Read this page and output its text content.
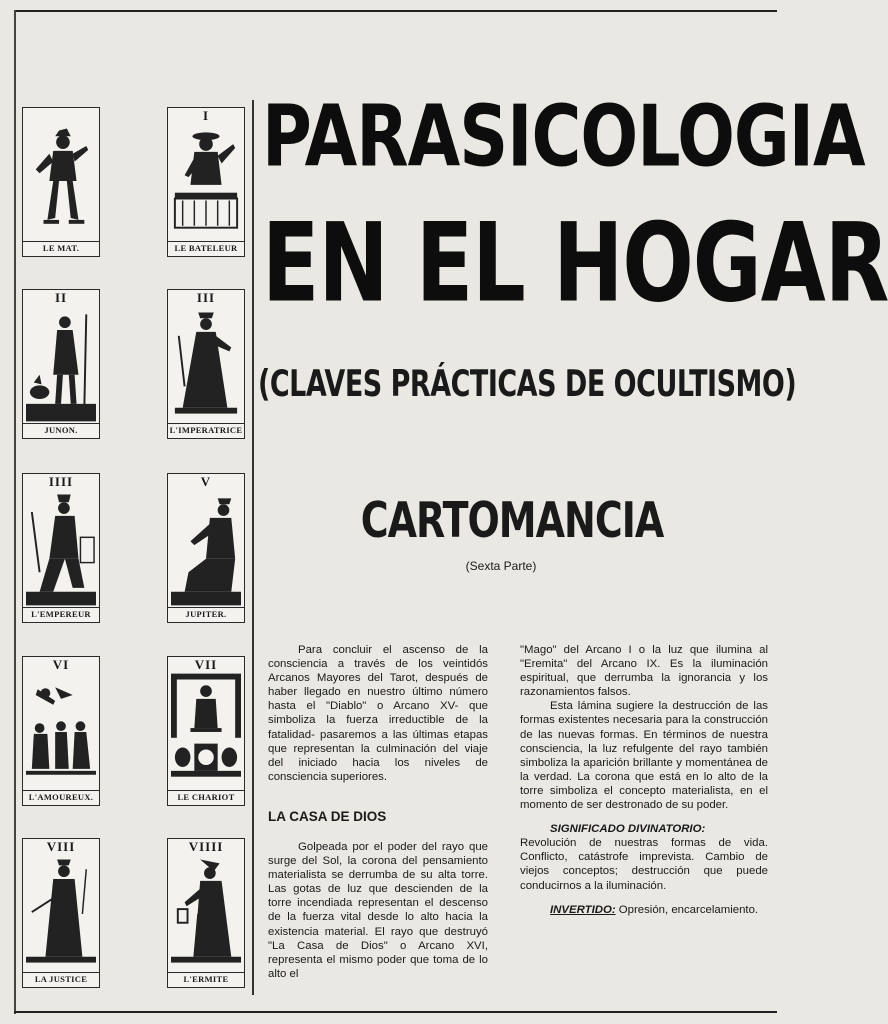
LE MAT.
I
LE BATELEUR
II
JUNON.
III
L'IMPERATRICE
IIII
L'EMPEREUR
V
JUPITER.
VI
L'AMOUREUX.
VII
LE CHARIOT
VIII
LA JUSTICE
VIIII
L'ERMITE
PARASICOLOGIA
EN EL HOGAR
(CLAVES PRÁCTICAS DE OCULTISMO)
CARTOMANCIA
(Sexta Parte)

Para concluir el ascenso de la consciencia a través de los veintidós Arcanos Mayores del Tarot, después de haber llegado en nuestro último número hasta el "Diablo" o Arcano XV- que simboliza la fuerza irreductible de la fatalidad- pasaremos a las últimas etapas que representan la culminación del viaje del iniciado hacia los niveles de consciencia superiores.

LA CASA DE DIOS

Golpeada por el poder del rayo que surge del Sol, la corona del pensamiento materialista se derrumba de su alta torre. Las gotas de luz que descienden de la torre incendiada representan el descenso de la fuerza vital desde lo alto hacia la existencia material. El rayo que destruyó "La Casa de Dios" o Arcano XVI, representa el mismo poder que toma de lo alto el

"Mago" del Arcano I o la luz que ilumina al "Eremita" del Arcano IX. Es la iluminación espiritual, que derrumba la ignorancia y los razonamientos falsos.

Esta lámina sugiere la destrucción de las formas existentes necesaria para la construcción de las nuevas formas. En términos de nuestra consciencia, la luz refulgente del rayo también simboliza la aparición brillante y momentánea de la verdad. La corona que está en lo alto de la torre simboliza el concepto materialista, en el momento de ser destronado de su poder.

SIGNIFICADO DIVINATORIO:
Revolución de nuestras formas de vida. Conflicto, catástrofe imprevista. Cambio de viejos conceptos; destrucción que puede conducirnos a la iluminación.

INVERTIDO: Opresión, encarcelamiento.
